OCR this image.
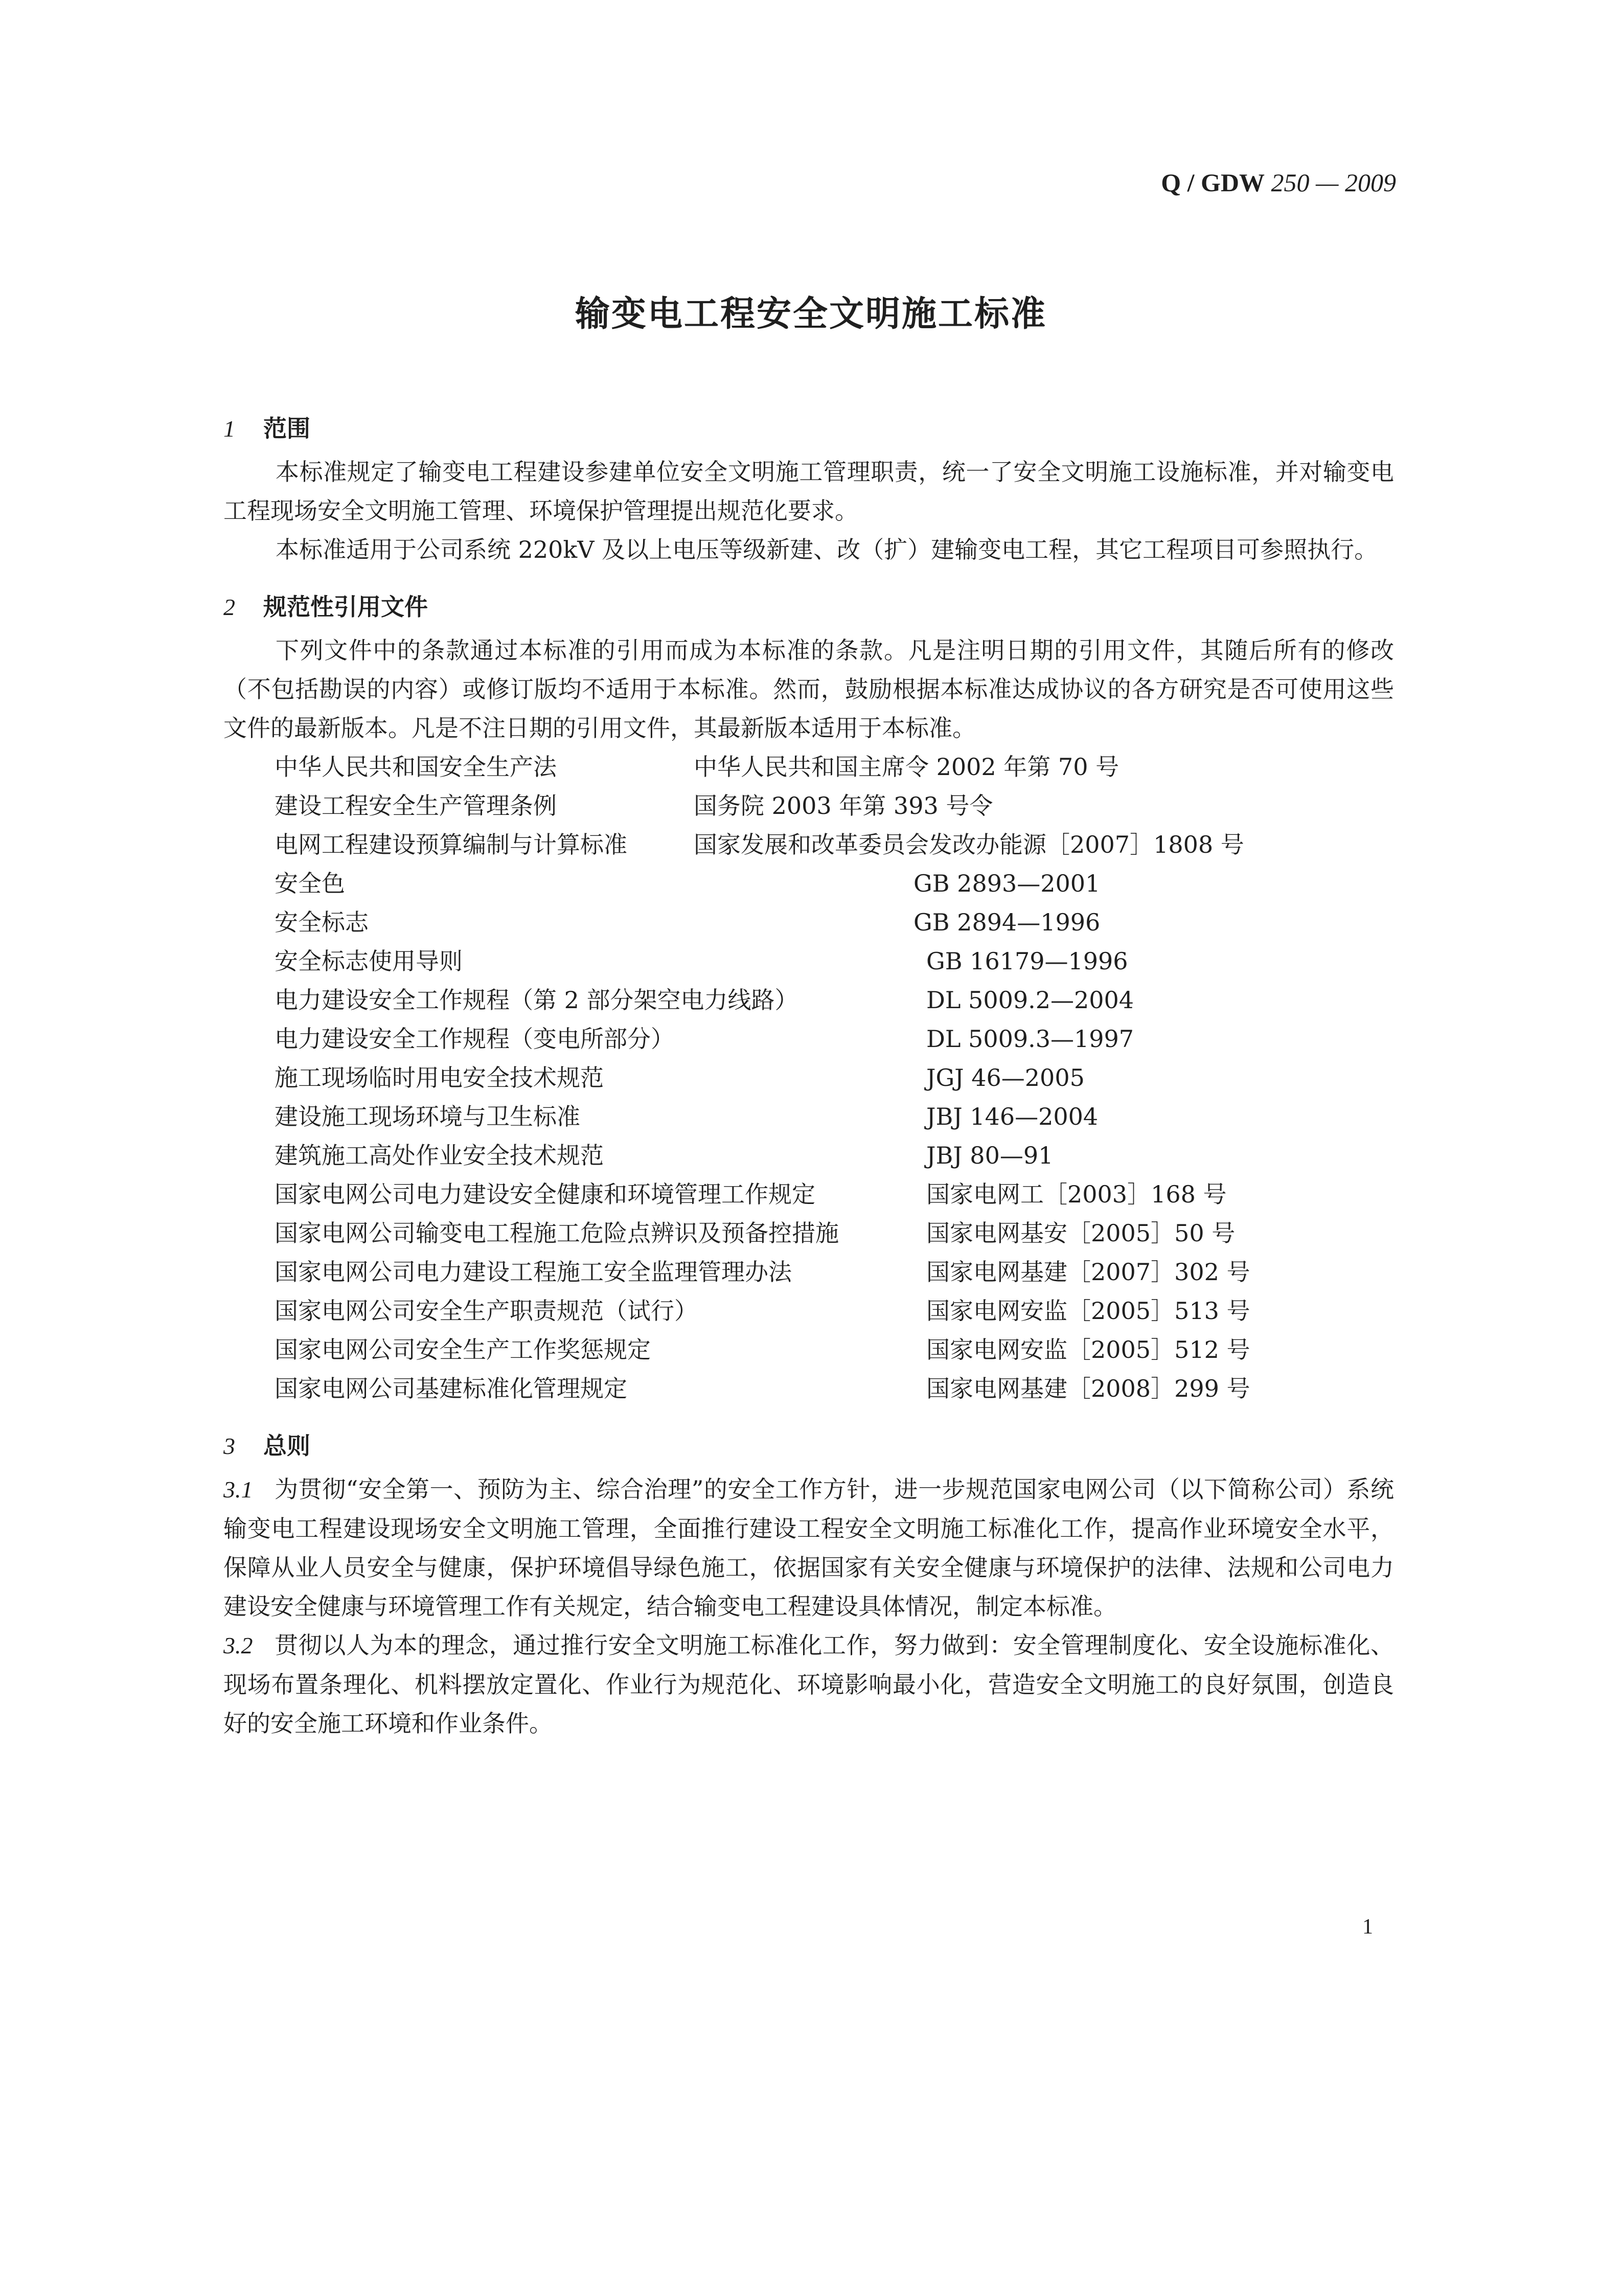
Q / GDW 250 — 2009
输变电工程安全文明施工标准
1 范围

本标准规定了输变电工程建设参建单位安全文明施工管理职责，统一了安全文明施工设施标准，并对输变电工程现场安全文明施工管理、环境保护管理提出规范化要求。

本标准适用于公司系统 220kV 及以上电压等级新建、改（扩）建输变电工程，其它工程项目可参照执行。

2 规范性引用文件

下列文件中的条款通过本标准的引用而成为本标准的条款。凡是注明日期的引用文件，其随后所有的修改（不包括勘误的内容）或修订版均不适用于本标准。然而，鼓励根据本标准达成协议的各方研究是否可使用这些文件的最新版本。凡是不注日期的引用文件，其最新版本适用于本标准。

中华人民共和国安全生产法	中华人民共和国主席令 2002 年第 70 号
建设工程安全生产管理条例	国务院 2003 年第 393 号令
电网工程建设预算编制与计算标准	国家发展和改革委员会发改办能源［2007］1808 号
安全色	GB 2893—2001
安全标志	GB 2894—1996
安全标志使用导则	GB 16179—1996
电力建设安全工作规程（第 2 部分架空电力线路）	DL 5009.2—2004
电力建设安全工作规程（变电所部分）	DL 5009.3—1997
施工现场临时用电安全技术规范	JGJ 46—2005
建设施工现场环境与卫生标准	JBJ 146—2004
建筑施工高处作业安全技术规范	JBJ 80—91
国家电网公司电力建设安全健康和环境管理工作规定	国家电网工［2003］168 号
国家电网公司输变电工程施工危险点辨识及预备控措施	国家电网基安［2005］50 号
国家电网公司电力建设工程施工安全监理管理办法	国家电网基建［2007］302 号
国家电网公司安全生产职责规范（试行）	国家电网安监［2005］513 号
国家电网公司安全生产工作奖惩规定	国家电网安监［2005］512 号
国家电网公司基建标准化管理规定	国家电网基建［2008］299 号
3 总则

3.1 为贯彻“安全第一、预防为主、综合治理”的安全工作方针，进一步规范国家电网公司（以下简称公司）系统输变电工程建设现场安全文明施工管理，全面推行建设工程安全文明施工标准化工作，提高作业环境安全水平，保障从业人员安全与健康，保护环境倡导绿色施工，依据国家有关安全健康与环境保护的法律、法规和公司电力建设安全健康与环境管理工作有关规定，结合输变电工程建设具体情况，制定本标准。

3.2 贯彻以人为本的理念，通过推行安全文明施工标准化工作，努力做到：安全管理制度化、安全设施标准化、现场布置条理化、机料摆放定置化、作业行为规范化、环境影响最小化，营造安全文明施工的良好氛围，创造良好的安全施工环境和作业条件。

1
